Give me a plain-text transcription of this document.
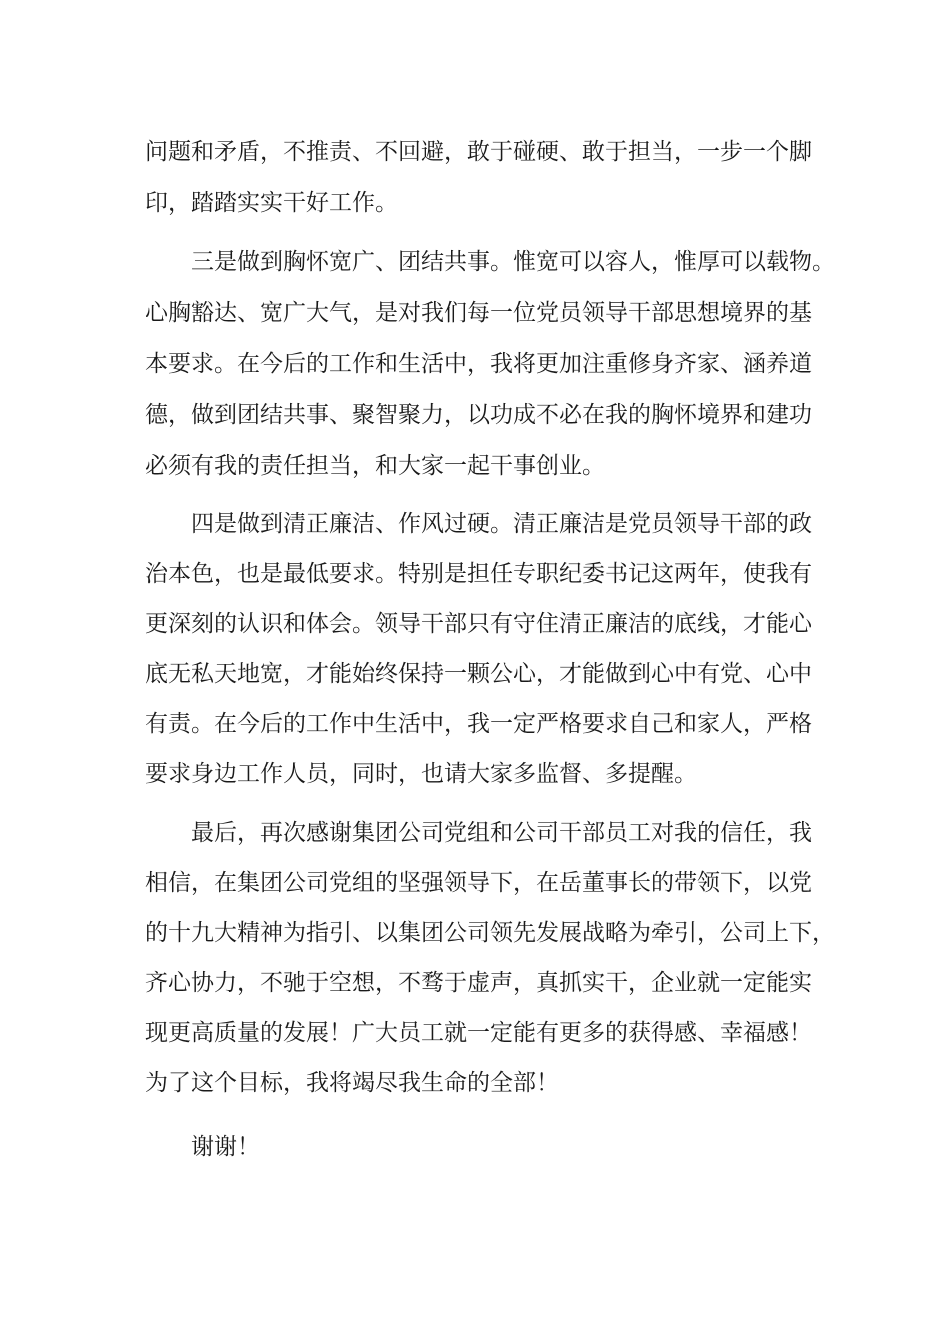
问题和矛盾，不推责、不回避，敢于碰硬、敢于担当，一步一个脚
印，踏踏实实干好工作。
三是做到胸怀宽广、团结共事。惟宽可以容人，惟厚可以载物。
心胸豁达、宽广大气，是对我们每一位党员领导干部思想境界的基
本要求。在今后的工作和生活中，我将更加注重修身齐家、涵养道
德，做到团结共事、聚智聚力，以功成不必在我的胸怀境界和建功
必须有我的责任担当，和大家一起干事创业。
四是做到清正廉洁、作风过硬。清正廉洁是党员领导干部的政
治本色，也是最低要求。特别是担任专职纪委书记这两年，使我有
更深刻的认识和体会。领导干部只有守住清正廉洁的底线，才能心
底无私天地宽，才能始终保持一颗公心，才能做到心中有党、心中
有责。在今后的工作中生活中，我一定严格要求自己和家人，严格
要求身边工作人员，同时，也请大家多监督、多提醒。
最后，再次感谢集团公司党组和公司干部员工对我的信任，我
相信，在集团公司党组的坚强领导下，在岳董事长的带领下，以党
的十九大精神为指引、以集团公司领先发展战略为牵引，公司上下，
齐心协力，不驰于空想，不骛于虚声，真抓实干，企业就一定能实
现更高质量的发展！广大员工就一定能有更多的获得感、幸福感！
为了这个目标，我将竭尽我生命的全部！
谢谢！
